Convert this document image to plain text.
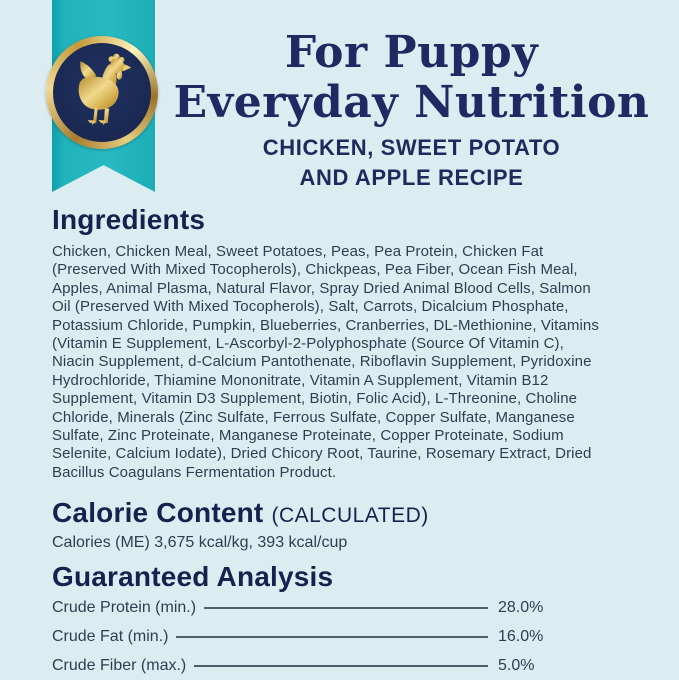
For Puppy
Everyday Nutrition
CHICKEN, SWEET POTATO
AND APPLE RECIPE
Ingredients
Chicken, Chicken Meal, Sweet Potatoes, Peas, Pea Protein, Chicken Fat
(Preserved With Mixed Tocopherols), Chickpeas, Pea Fiber, Ocean Fish Meal,
Apples, Animal Plasma, Natural Flavor, Spray Dried Animal Blood Cells, Salmon
Oil (Preserved With Mixed Tocopherols), Salt, Carrots, Dicalcium Phosphate,
Potassium Chloride, Pumpkin, Blueberries, Cranberries, DL-Methionine, Vitamins
(Vitamin E Supplement, L-Ascorbyl-2-Polyphosphate (Source Of Vitamin C),
Niacin Supplement, d-Calcium Pantothenate, Riboflavin Supplement, Pyridoxine
Hydrochloride, Thiamine Mononitrate, Vitamin A Supplement, Vitamin B12
Supplement, Vitamin D3 Supplement, Biotin, Folic Acid), L-Threonine, Choline
Chloride, Minerals (Zinc Sulfate, Ferrous Sulfate, Copper Sulfate, Manganese
Sulfate, Zinc Proteinate, Manganese Proteinate, Copper Proteinate, Sodium
Selenite, Calcium Iodate), Dried Chicory Root, Taurine, Rosemary Extract, Dried
Bacillus Coagulans Fermentation Product.
Calorie Content (CALCULATED)
Calories (ME) 3,675 kcal/kg, 393 kcal/cup
Guaranteed Analysis
Crude Protein (min.)	28.0%
Crude Fat (min.)	16.0%
Crude Fiber (max.)	5.0%
